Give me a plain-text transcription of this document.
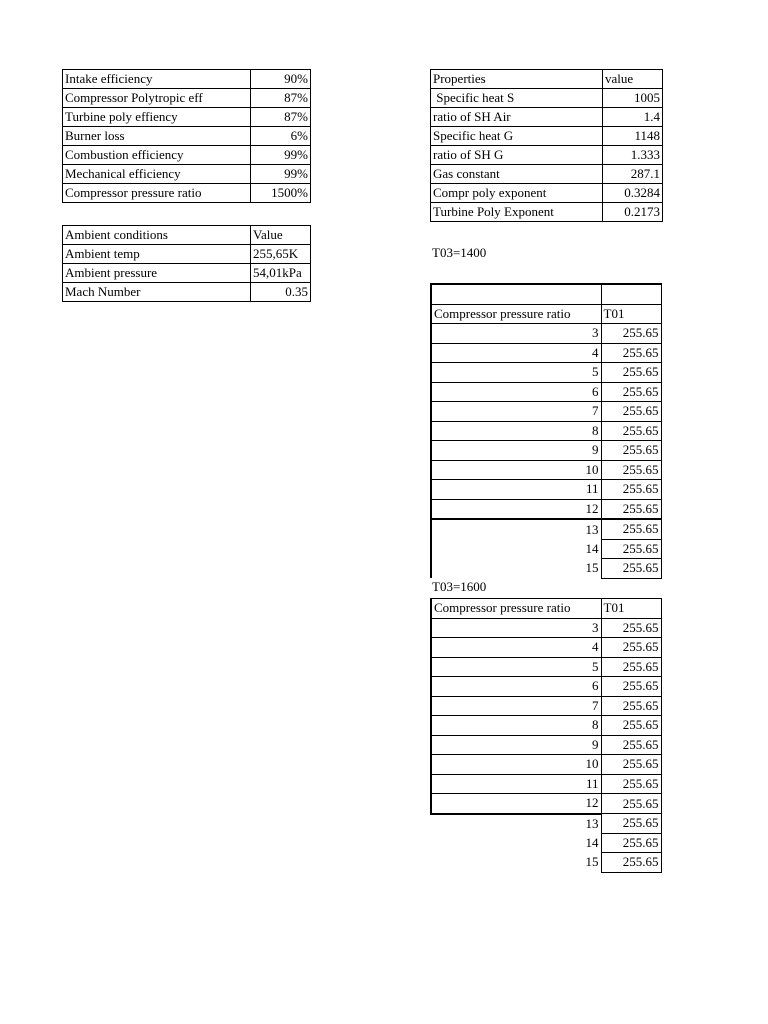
Intake efficiency	90%
Compressor Polytropic eff	87%
Turbine poly effiency	87%
Burner loss	6%
Combustion efficiency	99%
Mechanical efficiency	99%
Compressor pressure ratio	1500%
Ambient conditions	Value
Ambient temp	255,65K
Ambient pressure	54,01kPa
Mach Number	0.35
Properties	value
Specific heat S	1005
ratio of SH Air	1.4
Specific heat G	1148
ratio of SH G	1.333
Gas constant	287.1
Compr poly exponent	0.3284
Turbine Poly Exponent	0.2173
T03=1400

Compressor pressure ratio	T01
3	255.65
4	255.65
5	255.65
6	255.65
7	255.65
8	255.65
9	255.65
10	255.65
11	255.65
12	255.65
13	255.65
14	255.65
15	255.65
T03=1600
Compressor pressure ratio	T01
3	255.65
4	255.65
5	255.65
6	255.65
7	255.65
8	255.65
9	255.65
10	255.65
11	255.65
12	255.65
13	255.65
14	255.65
15	255.65
